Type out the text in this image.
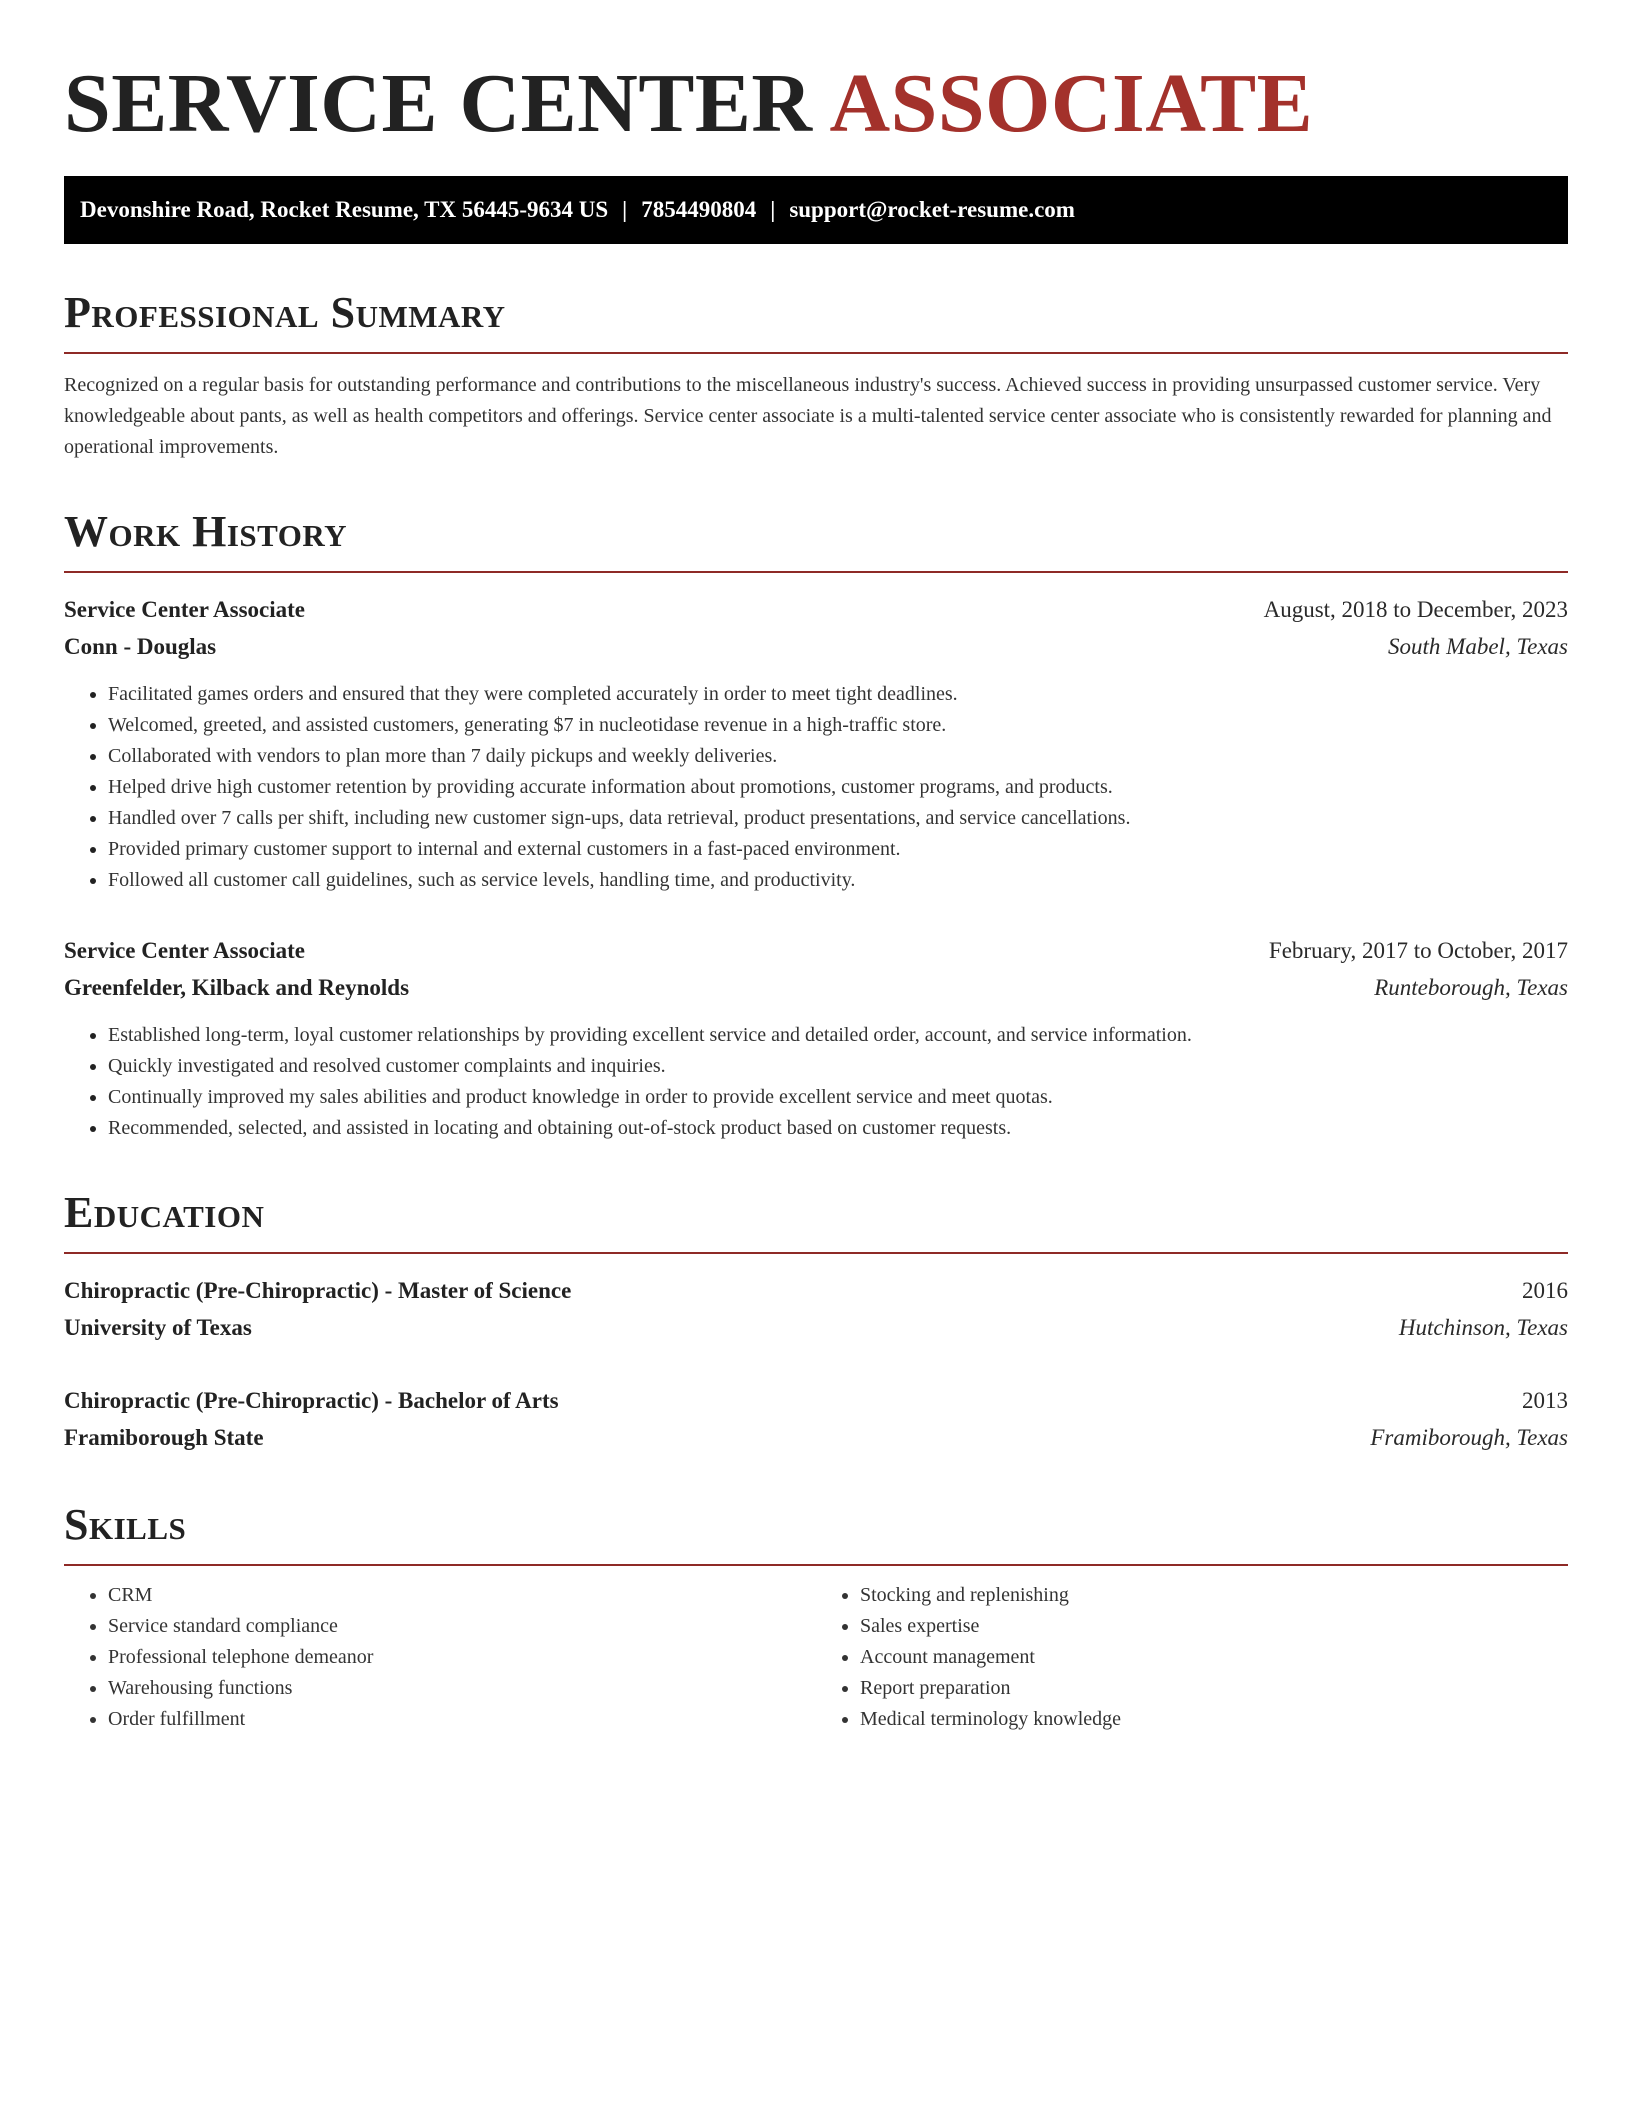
SERVICE CENTER ASSOCIATE
Devonshire Road, Rocket Resume, TX 56445-9634 US | 7854490804 | support@rocket-resume.com
Professional Summary

Recognized on a regular basis for outstanding performance and contributions to the miscellaneous industry's success. Achieved success in providing unsurpassed customer service. Very knowledgeable about pants, as well as health competitors and offerings. Service center associate is a multi-talented service center associate who is consistently rewarded for planning and operational improvements.

Work History
Service Center Associate	August, 2018 to December, 2023
Conn - Douglas	South Mabel, Texas
• Facilitated games orders and ensured that they were completed accurately in order to meet tight deadlines.
• Welcomed, greeted, and assisted customers, generating $7 in nucleotidase revenue in a high-traffic store.
• Collaborated with vendors to plan more than 7 daily pickups and weekly deliveries.
• Helped drive high customer retention by providing accurate information about promotions, customer programs, and products.
• Handled over 7 calls per shift, including new customer sign-ups, data retrieval, product presentations, and service cancellations.
• Provided primary customer support to internal and external customers in a fast-paced environment.
• Followed all customer call guidelines, such as service levels, handling time, and productivity.
Service Center Associate	February, 2017 to October, 2017
Greenfelder, Kilback and Reynolds	Runteborough, Texas
• Established long-term, loyal customer relationships by providing excellent service and detailed order, account, and service information.
• Quickly investigated and resolved customer complaints and inquiries.
• Continually improved my sales abilities and product knowledge in order to provide excellent service and meet quotas.
• Recommended, selected, and assisted in locating and obtaining out-of-stock product based on customer requests.
Education
Chiropractic (Pre-Chiropractic) - Master of Science	2016
University of Texas	Hutchinson, Texas
Chiropractic (Pre-Chiropractic) - Bachelor of Arts	2013
Framiborough State	Framiborough, Texas
Skills
• CRM
• Service standard compliance
• Professional telephone demeanor
• Warehousing functions
• Order fulfillment
• Stocking and replenishing
• Sales expertise
• Account management
• Report preparation
• Medical terminology knowledge
